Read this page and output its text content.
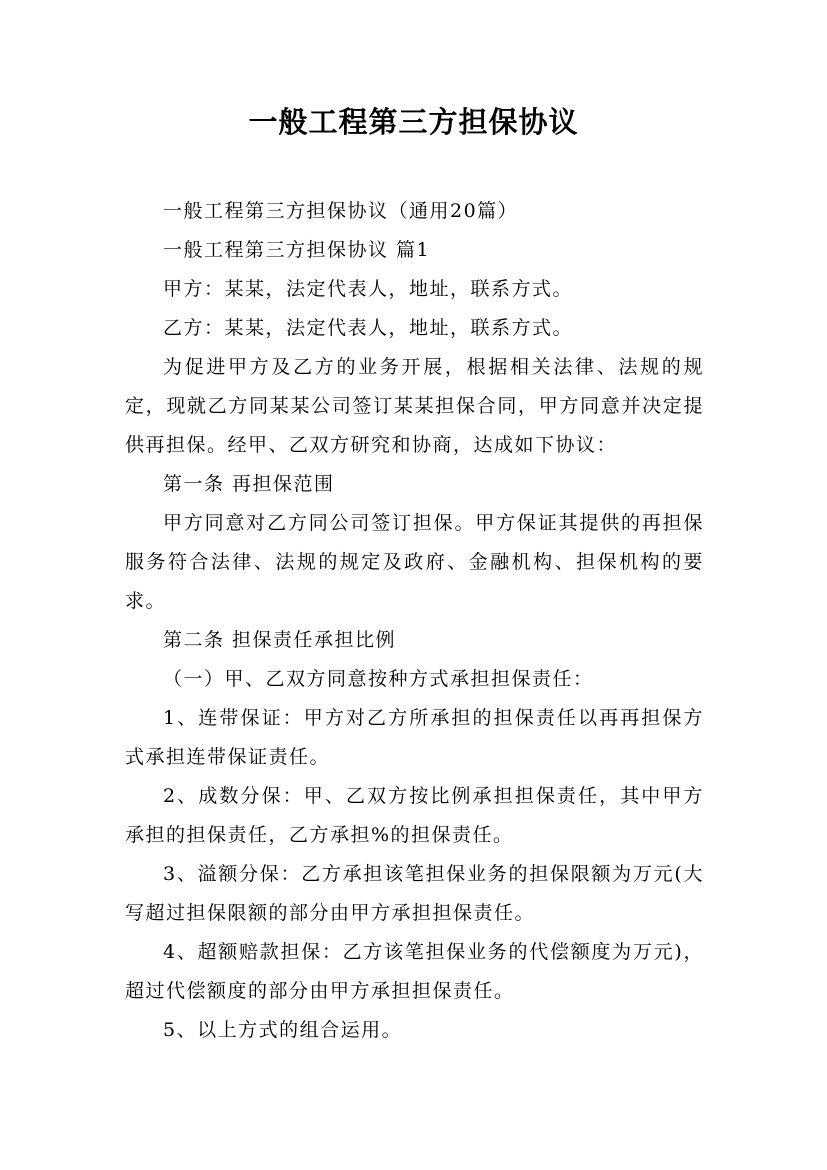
一般工程第三方担保协议

一般工程第三方担保协议（通用20篇）

一般工程第三方担保协议 篇1

甲方：某某，法定代表人，地址，联系方式。

乙方：某某，法定代表人，地址，联系方式。

为促进甲方及乙方的业务开展，根据相关法律、法规的规定，现就乙方同某某公司签订某某担保合同，甲方同意并决定提供再担保。经甲、乙双方研究和协商，达成如下协议：

第一条 再担保范围

甲方同意对乙方同公司签订担保。甲方保证其提供的再担保服务符合法律、法规的规定及政府、金融机构、担保机构的要求。

第二条 担保责任承担比例

（一）甲、乙双方同意按种方式承担担保责任：

1、连带保证：甲方对乙方所承担的担保责任以再再担保方式承担连带保证责任。

2、成数分保：甲、乙双方按比例承担担保责任，其中甲方承担的担保责任，乙方承担%的担保责任。

3、溢额分保：乙方承担该笔担保业务的担保限额为万元(大写超过担保限额的部分由甲方承担担保责任。

4、超额赔款担保：乙方该笔担保业务的代偿额度为万元)，超过代偿额度的部分由甲方承担担保责任。

5、以上方式的组合运用。
